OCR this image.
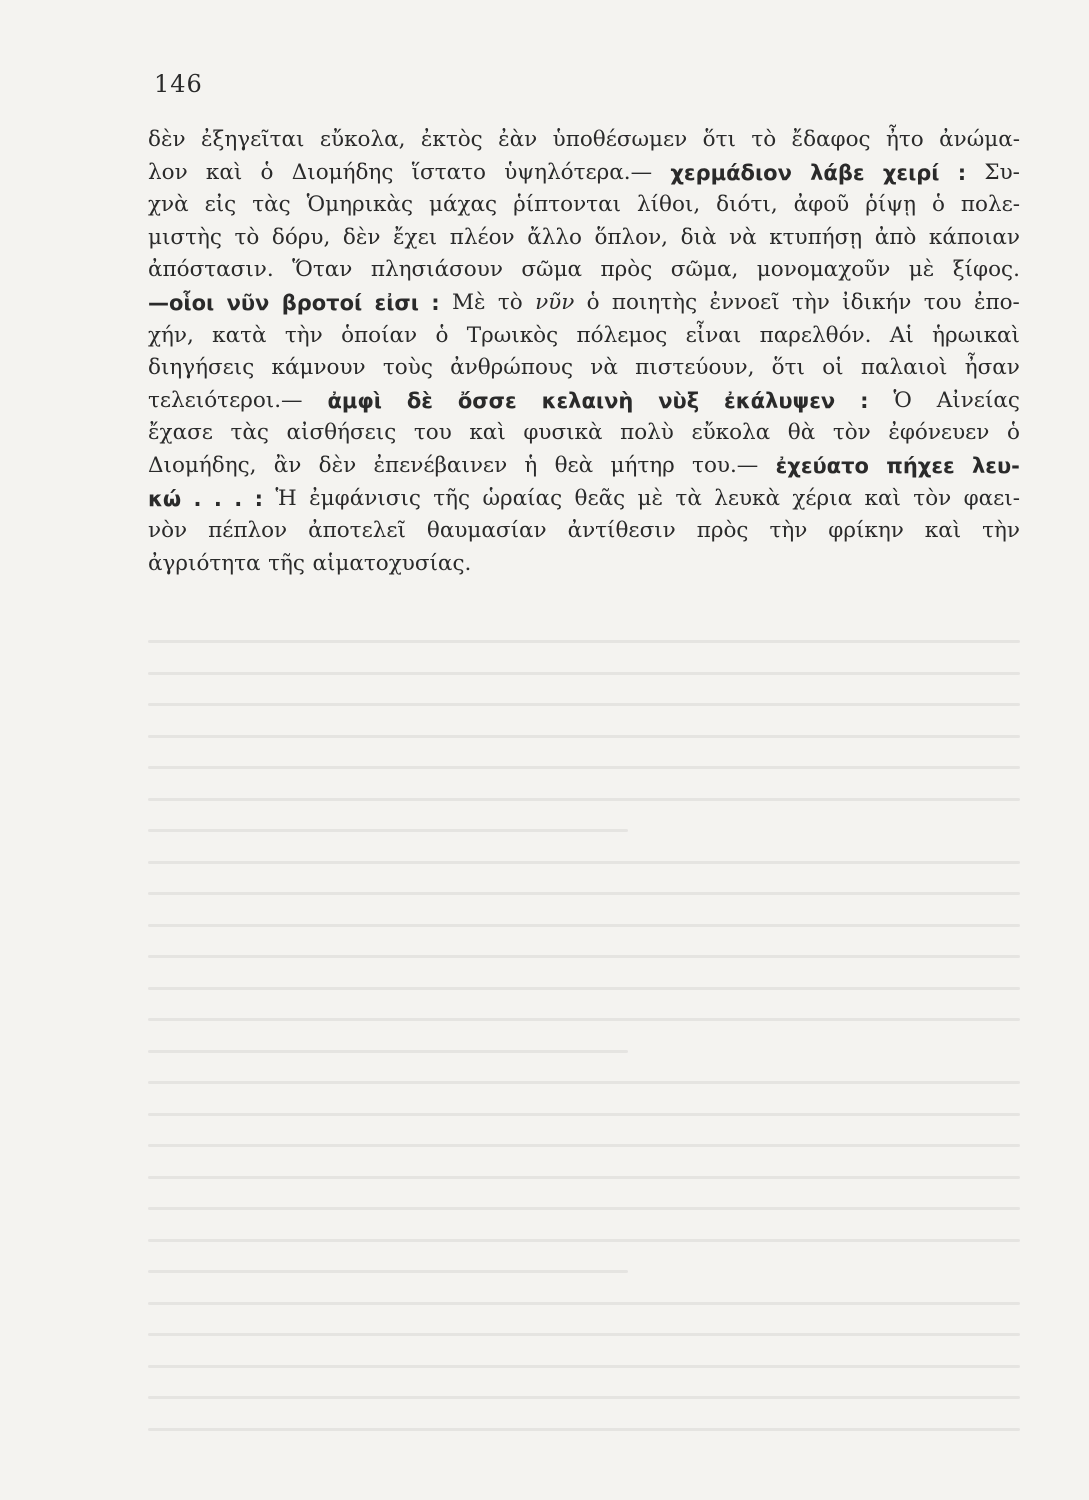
146
δὲν ἐξηγεῖται εὔκολα, ἐκτὸς ἐὰν ὑποθέσωμεν ὅτι τὸ ἔδαφος ἦτο ἀνώμα-
λον καὶ ὁ Διομήδης ἵστατο ὑψηλότερα.— χερμάδιον λάβε χειρί : Συ-
χνὰ εἰς τὰς Ὁμηρικὰς μάχας ῥίπτονται λίθοι, διότι, ἀφοῦ ῥίψῃ ὁ πολε-
μιστὴς τὸ δόρυ, δὲν ἔχει πλέον ἄλλο ὅπλον, διὰ νὰ κτυπήσῃ ἀπὸ κάποιαν
ἀπόστασιν. Ὅταν πλησιάσουν σῶμα πρὸς σῶμα, μονομαχοῦν μὲ ξίφος.
—οἷοι νῦν βροτοί εἰσι : Μὲ τὸ νῦν ὁ ποιητὴς ἐννοεῖ τὴν ἰδικήν του ἐπο-
χήν, κατὰ τὴν ὁποίαν ὁ Τρωικὸς πόλεμος εἶναι παρελθόν. Αἱ ἡρωικαὶ
διηγήσεις κάμνουν τοὺς ἀνθρώπους νὰ πιστεύουν, ὅτι οἱ παλαιοὶ ἦσαν
τελειότεροι.— ἀμφὶ δὲ ὄσσε κελαινὴ νὺξ ἐκάλυψεν : Ὁ Αἰνείας
ἔχασε τὰς αἰσθήσεις του καὶ φυσικὰ πολὺ εὔκολα θὰ τὸν ἐφόνευεν ὁ
Διομήδης, ἂν δὲν ἐπενέβαινεν ἡ θεὰ μήτηρ του.— ἐχεύατο πήχεε λευ-
κώ . . . : Ἡ ἐμφάνισις τῆς ὡραίας θεᾶς μὲ τὰ λευκὰ χέρια καὶ τὸν φαει-
νὸν πέπλον ἀποτελεῖ θαυμασίαν ἀντίθεσιν πρὸς τὴν φρίκην καὶ τὴν
ἀγριότητα τῆς αἱματοχυσίας.
